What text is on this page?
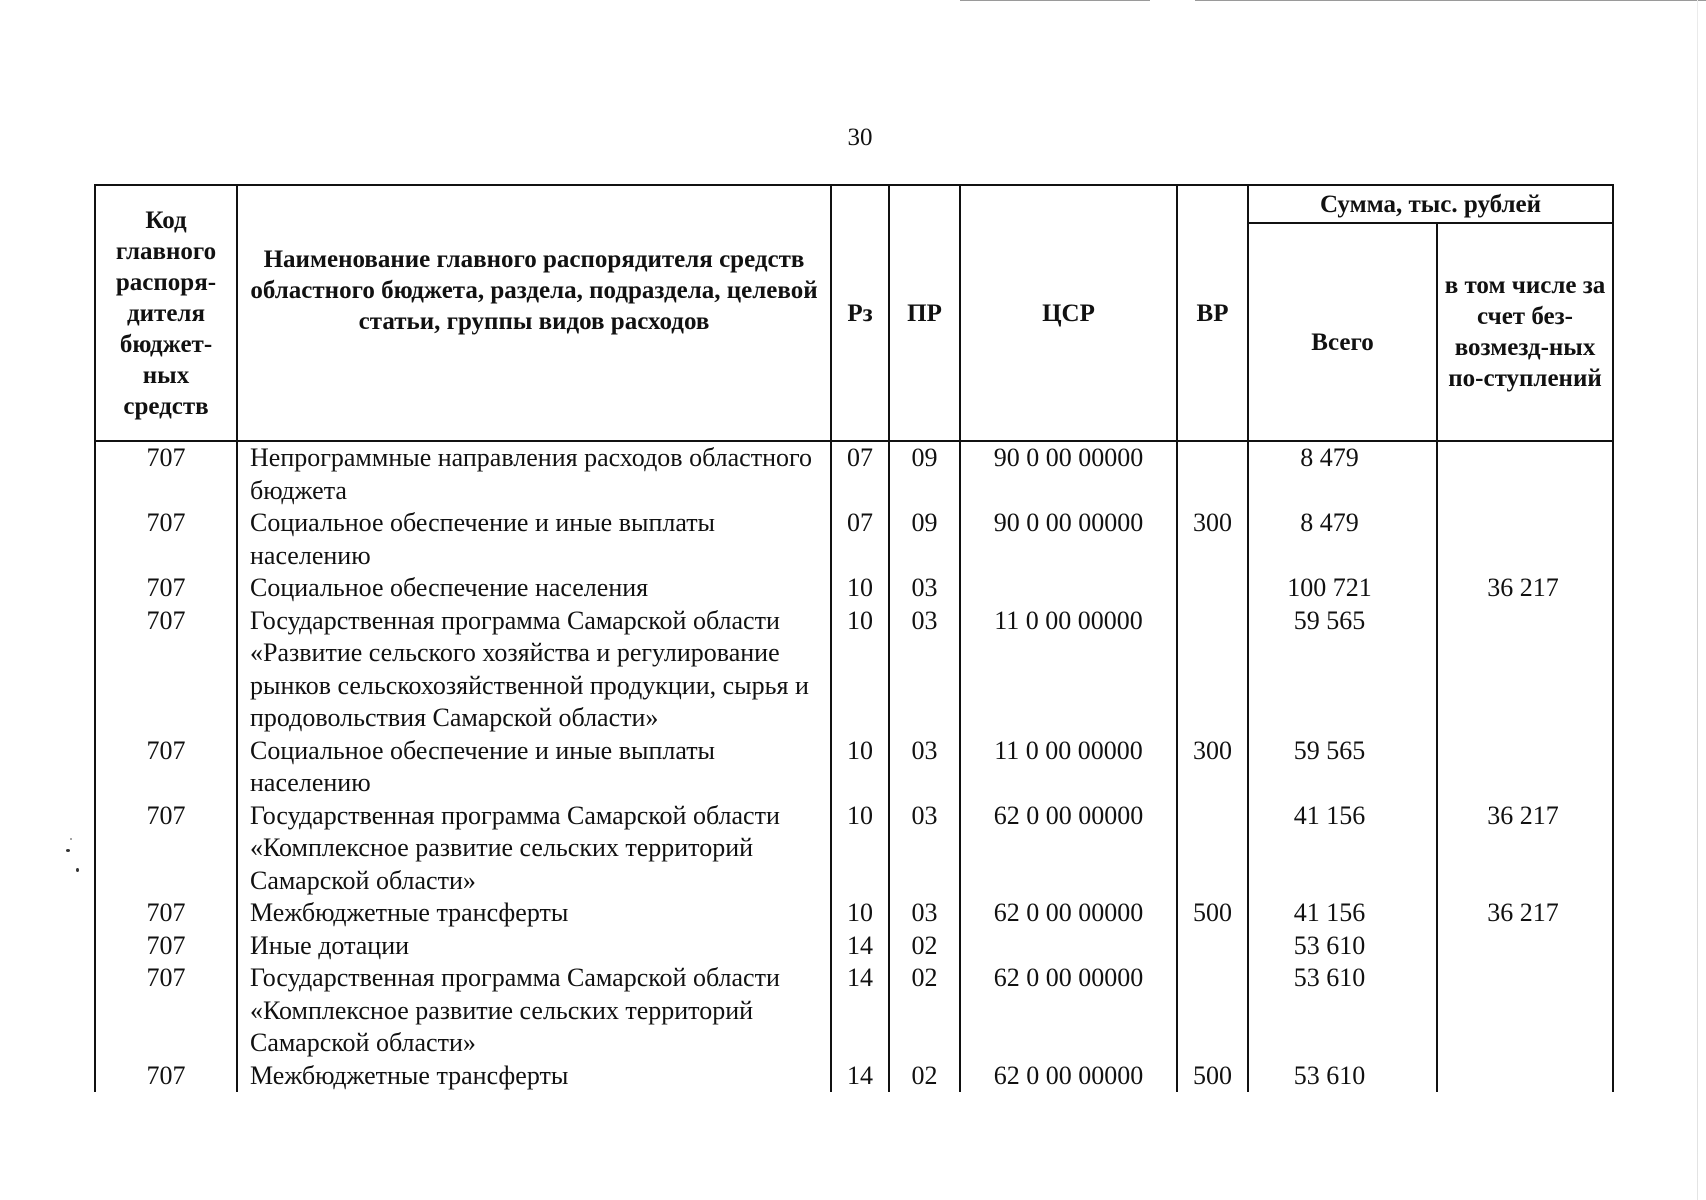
30
Код главного распоря-дителя бюджет-ных средств	Наименование главного распорядителя средств областного бюджета, раздела, подраздела, целевой статьи, группы видов расходов	Рз	ПР	ЦСР	ВР	Сумма, тыс. рублей	
						Всего	в том числе за счет без-возмезд-ных по-ступлений
707	Непрограммные направления расходов областного бюджета	07	09	90 0 00 00000		8 479	
707	Социальное обеспечение и иные выплаты населению	07	09	90 0 00 00000	300	8 479	
707	Социальное обеспечение населения	10	03			100 721	36 217
707	Государственная программа Самарской области «Развитие сельского хозяйства и регулирование рынков сельскохозяйственной продукции, сырья и продовольствия Самарской области»	10	03	11 0 00 00000		59 565	
707	Социальное обеспечение и иные выплаты населению	10	03	11 0 00 00000	300	59 565	
707	Государственная программа Самарской области «Комплексное развитие сельских территорий Самарской области»	10	03	62 0 00 00000		41 156	36 217
707	Межбюджетные трансферты	10	03	62 0 00 00000	500	41 156	36 217
707	Иные дотации	14	02			53 610	
707	Государственная программа Самарской области «Комплексное развитие сельских территорий Самарской области»	14	02	62 0 00 00000		53 610	
707	Межбюджетные трансферты	14	02	62 0 00 00000	500	53 610	
